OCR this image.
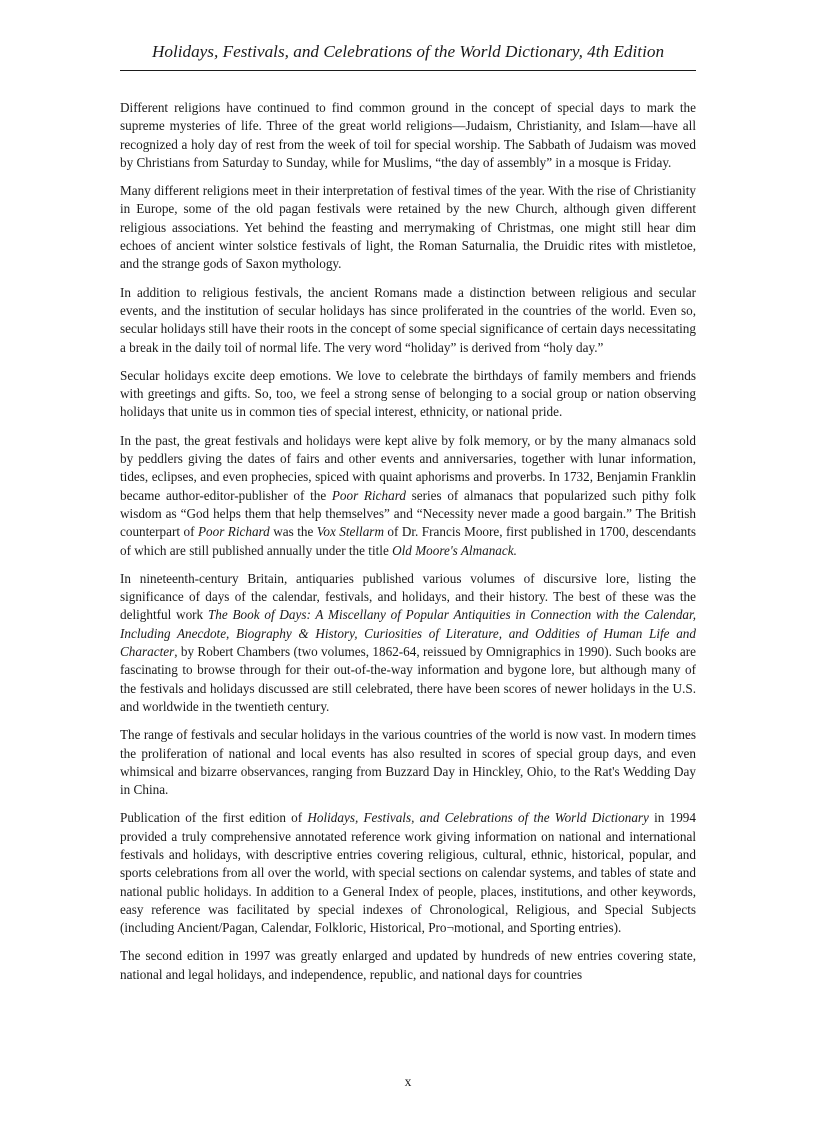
Holidays, Festivals, and Celebrations of the World Dictionary, 4th Edition

Different religions have continued to find common ground in the concept of special days to mark the supreme mysteries of life. Three of the great world religions—Judaism, Christianity, and Islam—have all recognized a holy day of rest from the week of toil for special worship. The Sabbath of Judaism was moved by Christians from Saturday to Sunday, while for Muslims, “the day of assembly” in a mosque is Friday.

Many different religions meet in their interpretation of festival times of the year. With the rise of Christianity in Europe, some of the old pagan festivals were retained by the new Church, although given different religious associations. Yet behind the feasting and merrymaking of Christmas, one might still hear dim echoes of ancient winter solstice festivals of light, the Roman Saturnalia, the Druidic rites with mistletoe, and the strange gods of Saxon mythology.

In addition to religious festivals, the ancient Romans made a distinction between religious and secular events, and the institution of secular holidays has since proliferated in the countries of the world. Even so, secular holidays still have their roots in the concept of some special significance of certain days necessitating a break in the daily toil of normal life. The very word “holiday” is derived from “holy day.”

Secular holidays excite deep emotions. We love to celebrate the birthdays of family members and friends with greetings and gifts. So, too, we feel a strong sense of belonging to a social group or nation observing holidays that unite us in common ties of special interest, ethnicity, or national pride.

In the past, the great festivals and holidays were kept alive by folk memory, or by the many almanacs sold by peddlers giving the dates of fairs and other events and anniversaries, together with lunar information, tides, eclipses, and even prophecies, spiced with quaint aphorisms and proverbs. In 1732, Benjamin Franklin became author-editor-publisher of the Poor Richard series of almanacs that popularized such pithy folk wisdom as “God helps them that help themselves” and “Necessity never made a good bargain.” The British counterpart of Poor Richard was the Vox Stellarm of Dr. Francis Moore, first published in 1700, descendants of which are still published annually under the title Old Moore's Almanack.

In nineteenth-century Britain, antiquaries published various volumes of discursive lore, listing the significance of days of the calendar, festivals, and holidays, and their history. The best of these was the delightful work The Book of Days: A Miscellany of Popular Antiquities in Connection with the Calendar, Including Anecdote, Biography & History, Curiosities of Literature, and Oddities of Human Life and Character, by Robert Chambers (two volumes, 1862-64, reissued by Omnigraphics in 1990). Such books are fascinating to browse through for their out-of-the-way information and bygone lore, but although many of the festivals and holidays discussed are still celebrated, there have been scores of newer holidays in the U.S. and worldwide in the twentieth century.

The range of festivals and secular holidays in the various countries of the world is now vast. In modern times the proliferation of national and local events has also resulted in scores of special group days, and even whimsical and bizarre observances, ranging from Buzzard Day in Hinckley, Ohio, to the Rat's Wedding Day in China.

Publication of the first edition of Holidays, Festivals, and Celebrations of the World Dictionary in 1994 provided a truly comprehensive annotated reference work giving information on national and international festivals and holidays, with descriptive entries covering religious, cultural, ethnic, historical, popular, and sports celebrations from all over the world, with special sections on calendar systems, and tables of state and national public holidays. In addition to a General Index of people, places, institutions, and other keywords, easy reference was facilitated by special indexes of Chronological, Religious, and Special Subjects (including Ancient/Pagan, Calendar, Folkloric, Historical, Pro¬motional, and Sporting entries).

The second edition in 1997 was greatly enlarged and updated by hundreds of new entries covering state, national and legal holidays, and independence, republic, and national days for countries

x
